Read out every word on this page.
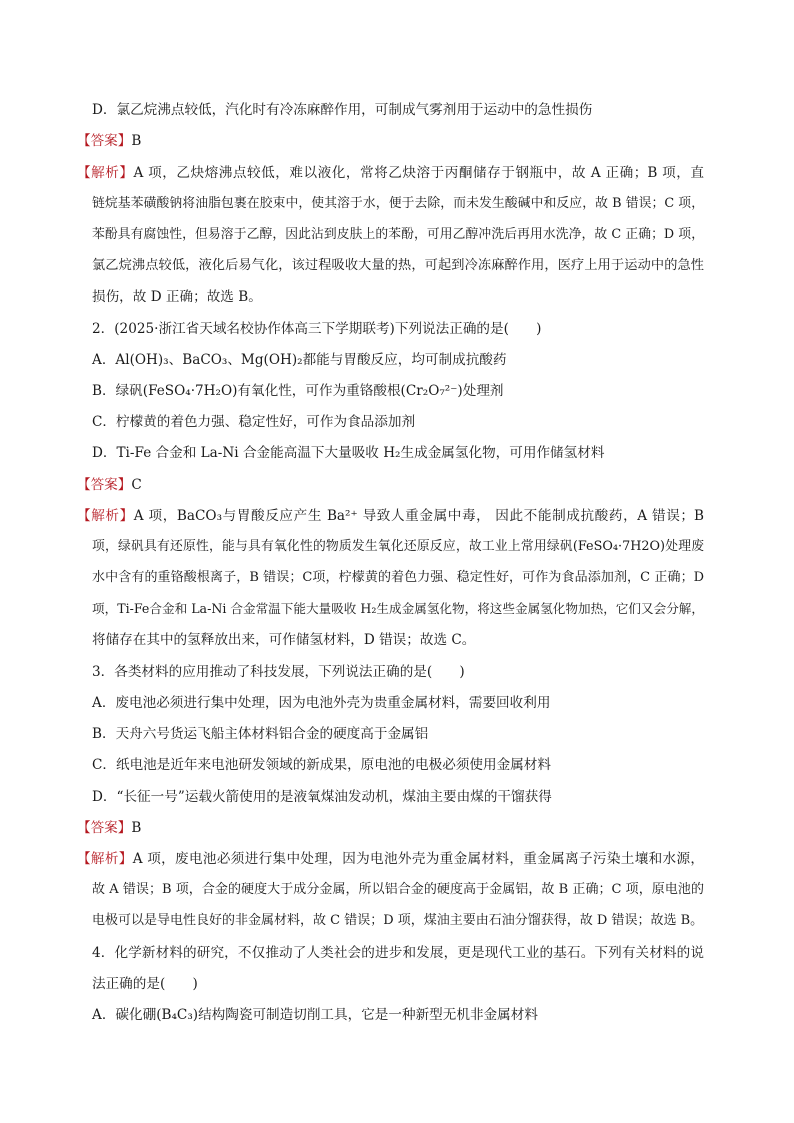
D．氯乙烷沸点较低，汽化时有冷冻麻醉作用，可制成气雾剂用于运动中的急性损伤
【答案】B
【解析】A 项，乙炔熔沸点较低，难以液化，常将乙炔溶于丙酮储存于钢瓶中，故 A 正确；B 项，直
链烷基苯磺酸钠将油脂包裹在胶束中，使其溶于水，便于去除，而未发生酸碱中和反应，故 B 错误；C 项，
苯酚具有腐蚀性，但易溶于乙醇，因此沾到皮肤上的苯酚，可用乙醇冲洗后再用水洗净，故 C 正确；D 项，
氯乙烷沸点较低，液化后易气化，该过程吸收大量的热，可起到冷冻麻醉作用，医疗上用于运动中的急性
损伤，故 D 正确；故选 B。
2．(2025·浙江省天域名校协作体高三下学期联考)下列说法正确的是(　　)
A．Al(OH)₃、BaCO₃、Mg(OH)₂都能与胃酸反应，均可制成抗酸药
B．绿矾(FeSO₄·7H₂O)有氧化性，可作为重铬酸根(Cr₂O₇²⁻)处理剂
C．柠檬黄的着色力强、稳定性好，可作为食品添加剂
D．Ti-Fe 合金和 La-Ni 合金能高温下大量吸收 H₂生成金属氢化物，可用作储氢材料
【答案】C
【解析】A 项，BaCO₃与胃酸反应产生 Ba²⁺ 导致人重金属中毒， 因此不能制成抗酸药，A 错误；B
项，绿矾具有还原性，能与具有氧化性的物质发生氧化还原反应，故工业上常用绿矾(FeSO₄·7H2O)处理废
水中含有的重铬酸根离子，B 错误；C项，柠檬黄的着色力强、稳定性好，可作为食品添加剂，C 正确；D
项，Ti-Fe合金和 La-Ni 合金常温下能大量吸收 H₂生成金属氢化物，将这些金属氢化物加热，它们又会分解，
将储存在其中的氢释放出来，可作储氢材料，D 错误；故选 C。
3．各类材料的应用推动了科技发展，下列说法正确的是(　　)
A．废电池必须进行集中处理，因为电池外壳为贵重金属材料，需要回收利用
B．天舟六号货运飞船主体材料铝合金的硬度高于金属铝
C．纸电池是近年来电池研发领域的新成果，原电池的电极必须使用金属材料
D．“长征一号”运载火箭使用的是液氧煤油发动机，煤油主要由煤的干馏获得
【答案】B
【解析】A 项，废电池必须进行集中处理，因为电池外壳为重金属材料，重金属离子污染土壤和水源，
故 A 错误；B 项，合金的硬度大于成分金属，所以铝合金的硬度高于金属铝，故 B 正确；C 项，原电池的
电极可以是导电性良好的非金属材料，故 C 错误；D 项，煤油主要由石油分馏获得，故 D 错误；故选 B。
4．化学新材料的研究，不仅推动了人类社会的进步和发展，更是现代工业的基石。下列有关材料的说
法正确的是(　　)
A．碳化硼(B₄C₃)结构陶瓷可制造切削工具，它是一种新型无机非金属材料
